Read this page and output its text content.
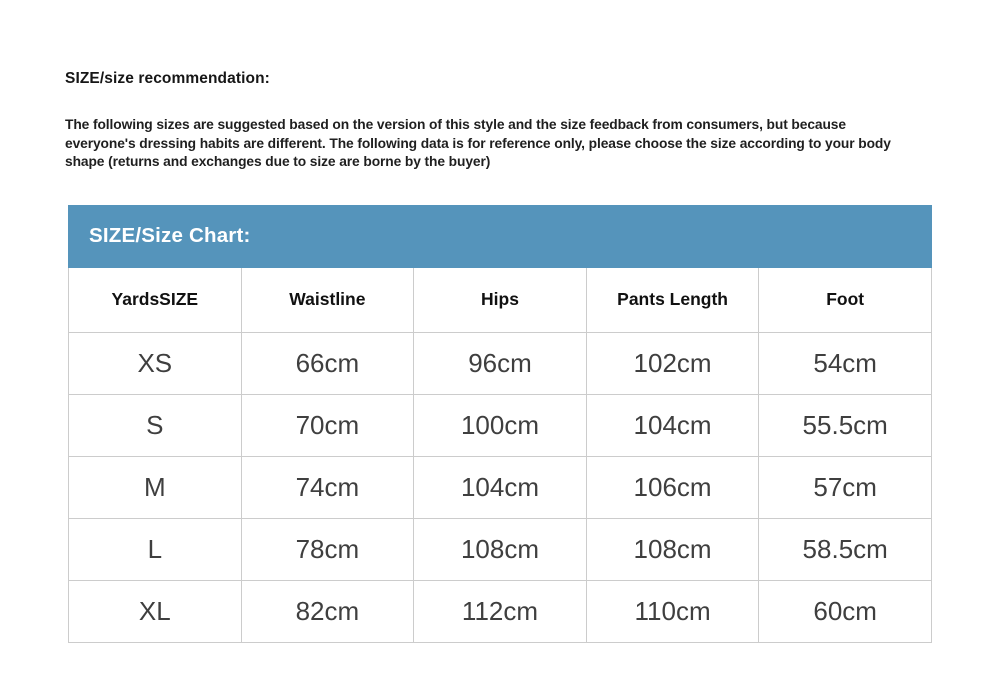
SIZE/size recommendation:

The following sizes are suggested based on the version of this style and the size feedback from consumers, but because everyone's dressing habits are different. The following data is for reference only, please choose the size according to your body shape (returns and exchanges due to size are borne by the buyer)

SIZE/Size Chart:
YardsSIZE	Waistline	Hips	Pants Length	Foot
XS	66cm	96cm	102cm	54cm
S	70cm	100cm	104cm	55.5cm
M	74cm	104cm	106cm	57cm
L	78cm	108cm	108cm	58.5cm
XL	82cm	112cm	110cm	60cm
